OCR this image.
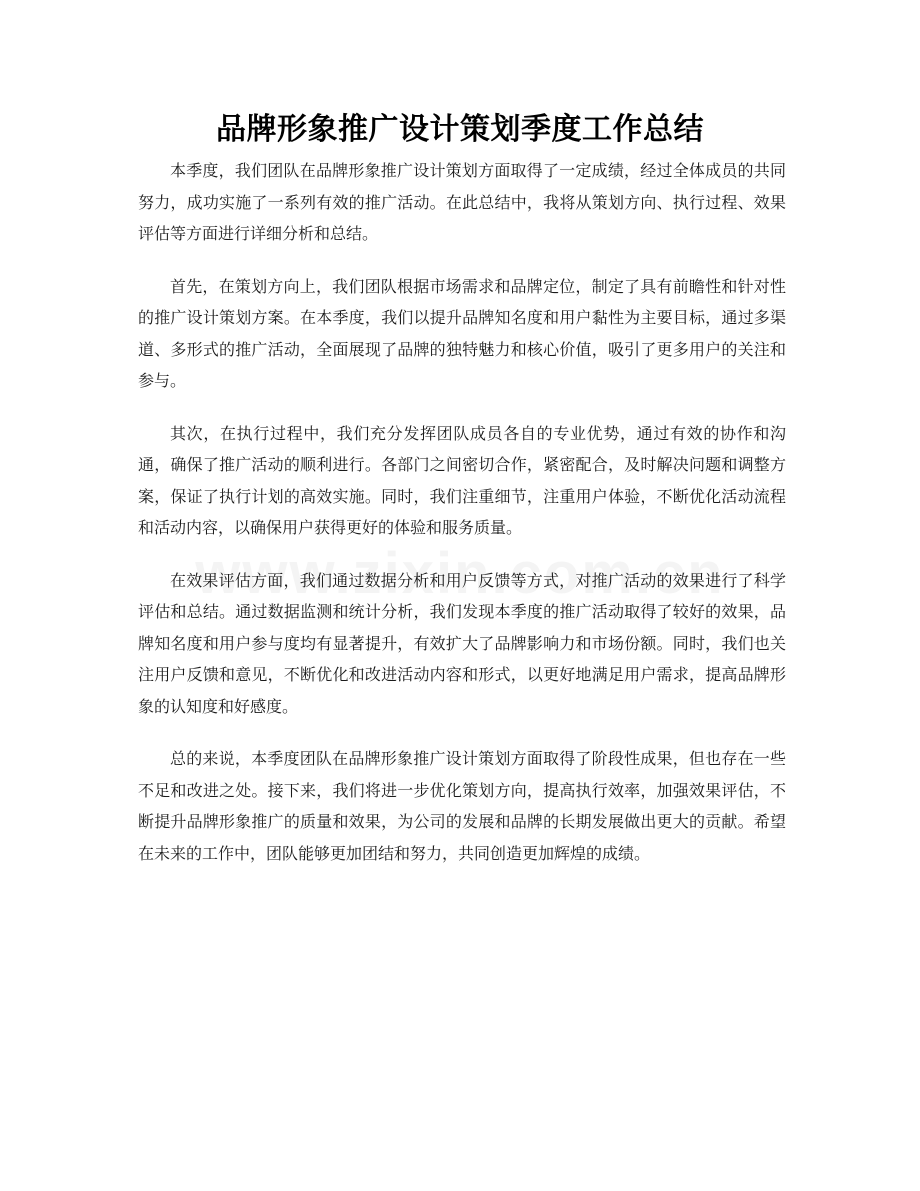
品牌形象推广设计策划季度工作总结

本季度，我们团队在品牌形象推广设计策划方面取得了一定成绩，经过全体成员的共同努力，成功实施了一系列有效的推广活动。在此总结中，我将从策划方向、执行过程、效果评估等方面进行详细分析和总结。

首先，在策划方向上，我们团队根据市场需求和品牌定位，制定了具有前瞻性和针对性的推广设计策划方案。在本季度，我们以提升品牌知名度和用户黏性为主要目标，通过多渠道、多形式的推广活动，全面展现了品牌的独特魅力和核心价值，吸引了更多用户的关注和参与。

其次，在执行过程中，我们充分发挥团队成员各自的专业优势，通过有效的协作和沟通，确保了推广活动的顺利进行。各部门之间密切合作，紧密配合，及时解决问题和调整方案，保证了执行计划的高效实施。同时，我们注重细节，注重用户体验，不断优化活动流程和活动内容，以确保用户获得更好的体验和服务质量。

在效果评估方面，我们通过数据分析和用户反馈等方式，对推广活动的效果进行了科学评估和总结。通过数据监测和统计分析，我们发现本季度的推广活动取得了较好的效果，品牌知名度和用户参与度均有显著提升，有效扩大了品牌影响力和市场份额。同时，我们也关注用户反馈和意见，不断优化和改进活动内容和形式，以更好地满足用户需求，提高品牌形象的认知度和好感度。

总的来说，本季度团队在品牌形象推广设计策划方面取得了阶段性成果，但也存在一些不足和改进之处。接下来，我们将进一步优化策划方向，提高执行效率，加强效果评估，不断提升品牌形象推广的质量和效果，为公司的发展和品牌的长期发展做出更大的贡献。希望在未来的工作中，团队能够更加团结和努力，共同创造更加辉煌的成绩。
